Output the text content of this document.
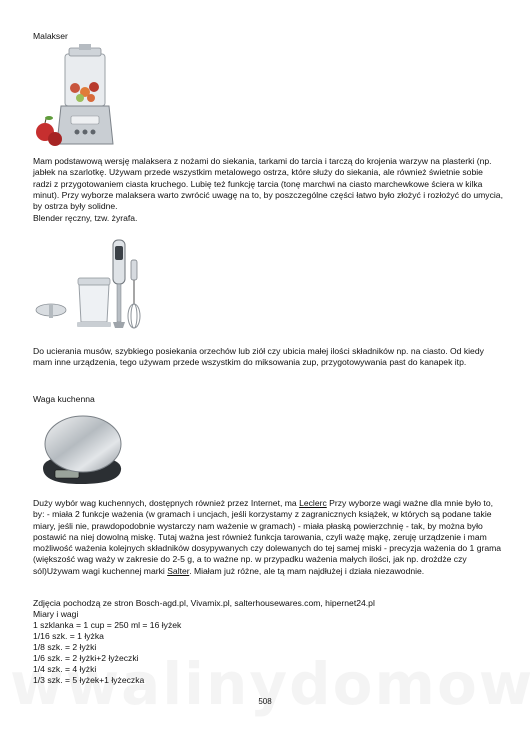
Malakser
Mam podstawową wersję malaksera z nożami do siekania, tarkami do tarcia i tarczą do krojenia warzyw na plasterki (np. jabłek na szarlotkę. Używam przede wszystkim metalowego ostrza, które służy do siekania, ale również świetnie sobie radzi z przygotowaniem ciasta kruchego. Lubię też funkcję tarcia (tonę marchwi na ciasto marchewkowe ściera w kilka minut). Przy wyborze malaksera warto zwrócić uwagę na to, by poszczególne części łatwo było złożyć i rozłożyć do umycia, by ostrza były solidne.
Blender ręczny, tzw. żyrafa.
Do ucierania musów, szybkiego posiekania orzechów lub ziół czy ubicia małej ilości składników np. na ciasto. Od kiedy mam inne urządzenia, tego używam przede wszystkim do miksowania zup, przygotowywania past do kanapek itp.
Waga kuchenna
Duży wybór wag kuchennych, dostępnych również przez Internet, ma Leclerc Przy wyborze wagi ważne dla mnie było to, by: - miała 2 funkcje ważenia (w gramach i uncjach, jeśli korzystamy z zagranicznych książek, w których są podane takie miary, jeśli nie, prawdopodobnie wystarczy nam ważenie w gramach) - miała płaską powierzchnię - tak, by można było postawić na niej dowolną miskę. Tutaj ważna jest również funkcja tarowania, czyli ważę mąkę, zeruję urządzenie i mam możliwość ważenia kolejnych składników dosypywanych czy dolewanych do tej samej miski - precyzja ważenia do 1 grama (większość wag waży w zakresie do 2-5 g, a to ważne np. w przypadku ważenia małych ilości, jak np. drożdże czy sól)Używam wagi kuchennej marki Salter. Miałam już różne, ale tą mam najdłużej i działa niezawodnie.
Zdjęcia pochodzą ze stron Bosch-agd.pl, Vivamix.pl, salterhousewares.com, hipernet24.pl
Miary i wagi
1 szklanka = 1 cup = 250 ml = 16 łyżek
1/16 szk. = 1 łyżka
1/8 szk. = 2 łyżki
1/6 szk. = 2 łyżki+2 łyżeczki
1/4 szk. = 4 łyżki
1/3 szk. = 5 łyżek+1 łyżeczka
508
